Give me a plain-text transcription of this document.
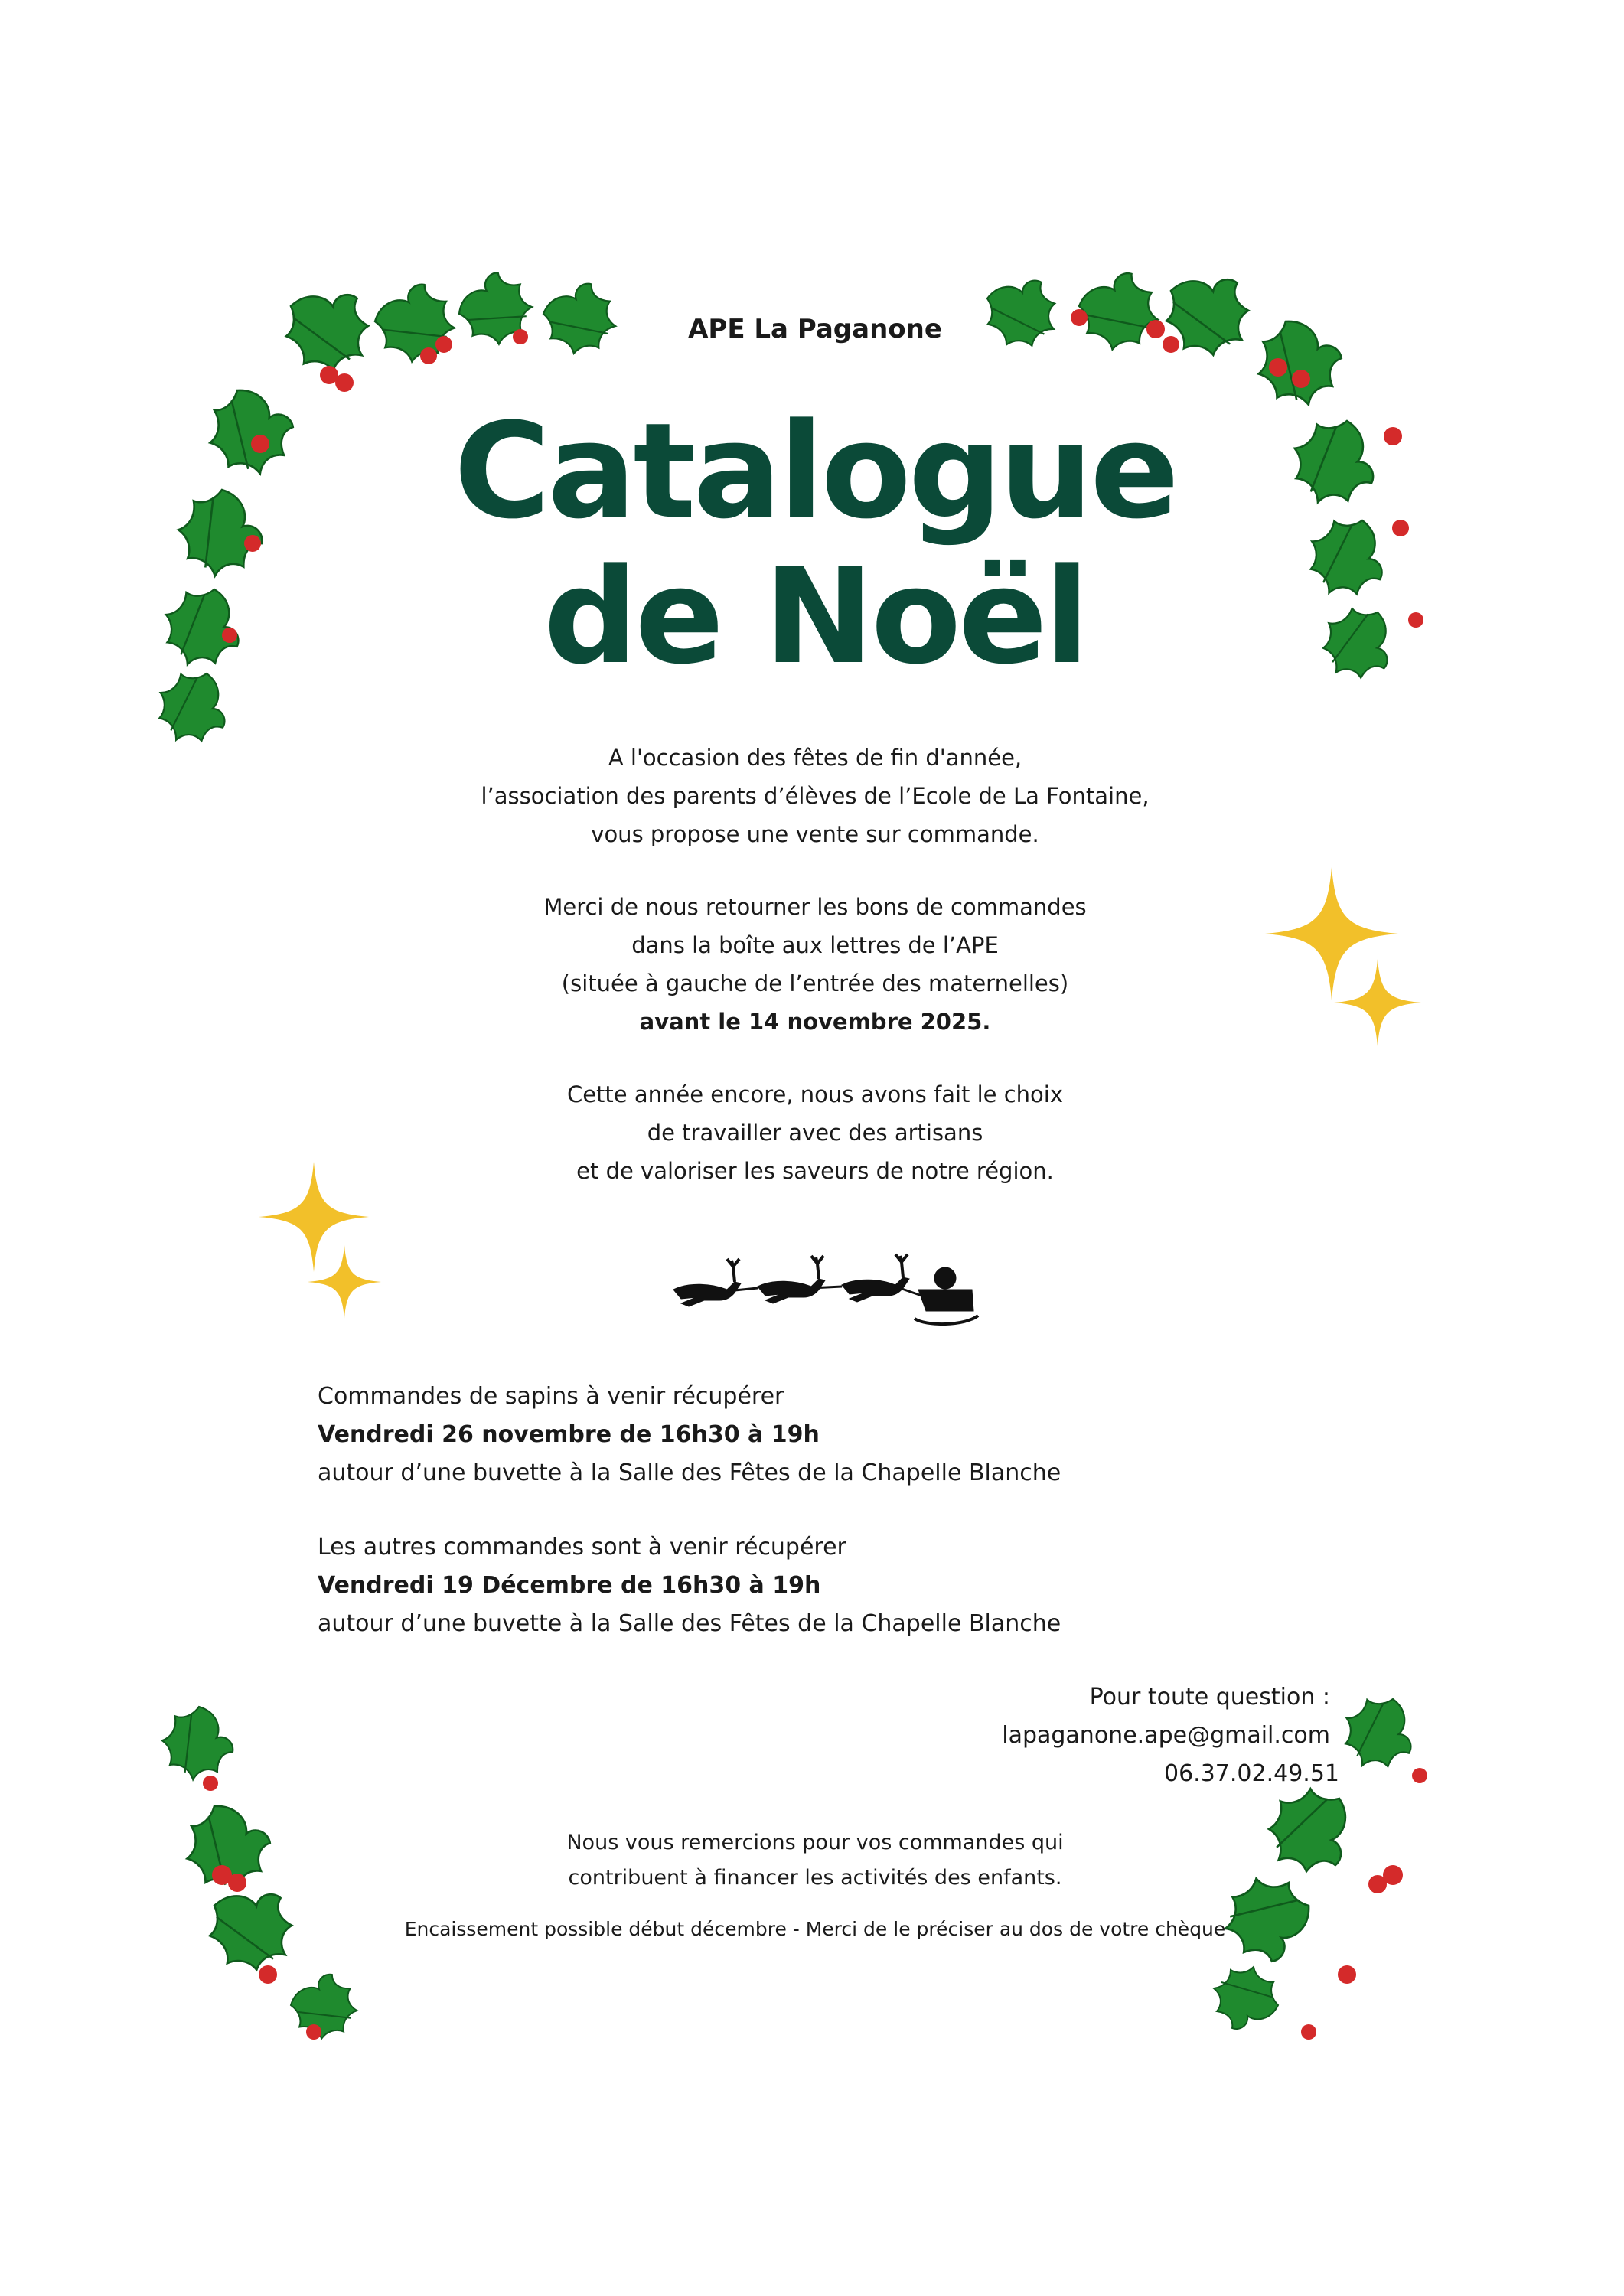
APE La Paganone
Catalogue
de Noël
A l'occasion des fêtes de fin d'année,
l’association des parents d’élèves de l’Ecole de La Fontaine,
vous propose une vente sur commande.
Merci de nous retourner les bons de commandes
dans la boîte aux lettres de l’APE
(située à gauche de l’entrée des maternelles)
avant le 14 novembre 2025.
Cette année encore, nous avons fait le choix
de travailler avec des artisans
et de valoriser les saveurs de notre région.
Commandes de sapins à venir récupérer
Vendredi 26 novembre de 16h30 à 19h
autour d’une buvette à la Salle des Fêtes de la Chapelle Blanche
Les autres commandes sont à venir récupérer
Vendredi 19 Décembre de 16h30 à 19h
autour d’une buvette à la Salle des Fêtes de la Chapelle Blanche
Pour toute question :
lapaganone.ape@gmail.com
06.37.02.49.51
Nous vous remercions pour vos commandes qui
contribuent à financer les activités des enfants.
Encaissement possible début décembre - Merci de le préciser au dos de votre chèque
